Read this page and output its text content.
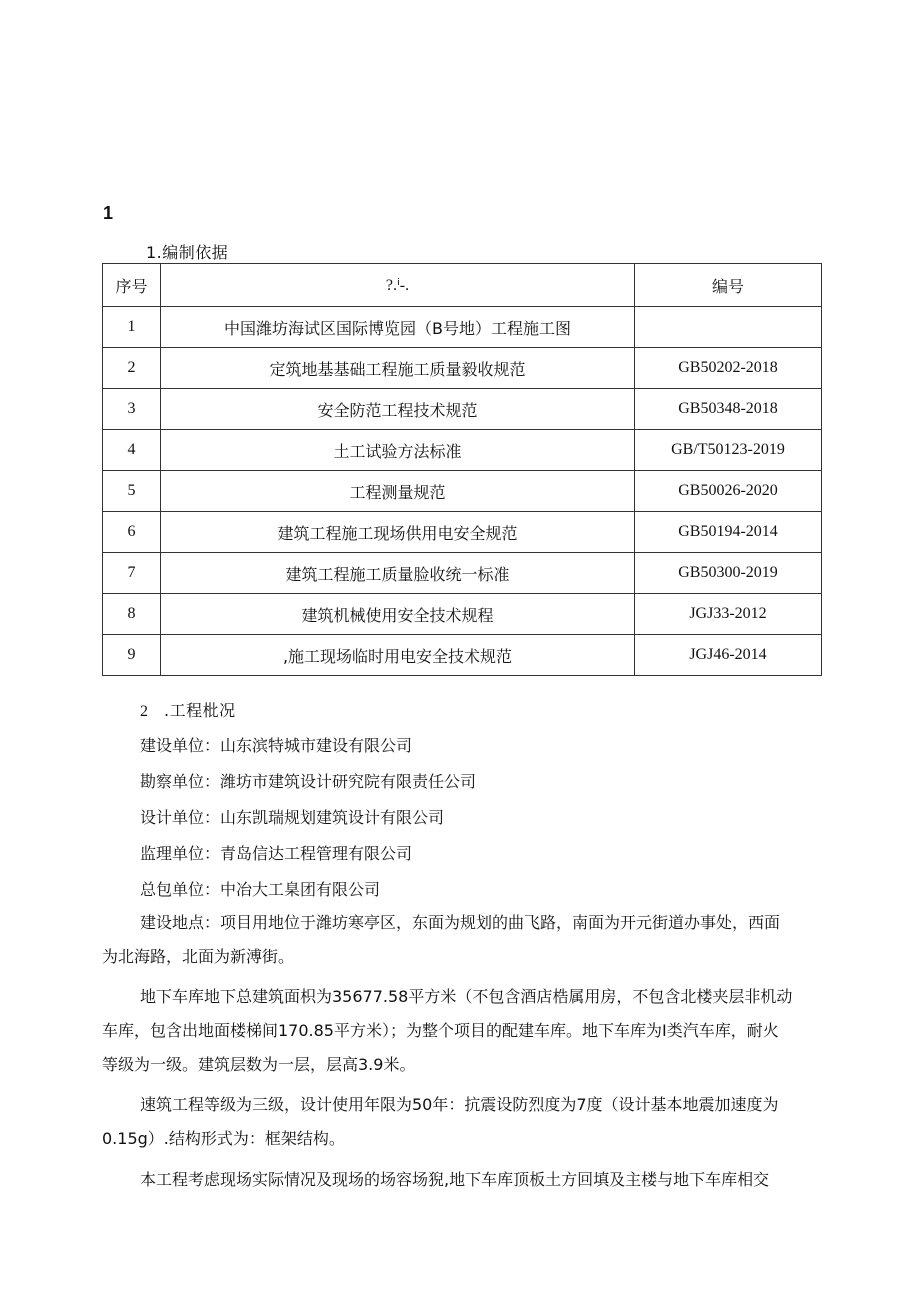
1
1.编制依据
序号	?.ⁱ-.	编号
1	中国潍坊海试区国际博览园（B号地）工程施工图	
2	定筑地基基础工程施工质量毅收规范	GB50202-2018
3	安全防范工程技术规范	GB50348-2018
4	土工试验方法标准	GB/T50123-2019
5	工程测量规范	GB50026-2020
6	建筑工程施工现场供用电安全规范	GB50194-2014
7	建筑工程施工质量脸收统一标准	GB50300-2019
8	建筑机械使用安全技术规程	JGJ33-2012
9	,施工现场临时用电安全技术规范	JGJ46-2014
2 .工程枇况
建设单位：山东滨特城市建设有限公司
勘察单位：潍坊市建筑设计研究院有限责任公司
设计单位：山东凯瑞规划建筑设计有限公司
监理单位：青岛信达工程管理有限公司
总包单位：中冶大工臬团有限公司
建设地点：项目用地位于潍坊寒亭区，东面为规划的曲飞路，南面为开元街道办事处，西面
为北海路，北面为新溥街。
地下车库地下总建筑面枳为35677.58平方米（不包含酒店梏属用房，不包含北楼夹层非机动
车库，包含出地面楼梯间170.85平方米）；为整个项目的配建车库。地下车库为Ⅰ类汽车库，耐火
等级为一级。建筑层数为一层，层高3.9米。
速筑工程等级为三级，设计使用年限为50年：抗震设防烈度为7度（设计基本地震加速度为
0.15g）.结构形式为：框架结构。
本工程考虑现场实际情况及现场的场容场猊,地下车库顶板土方回填及主楼与地下车库相交
